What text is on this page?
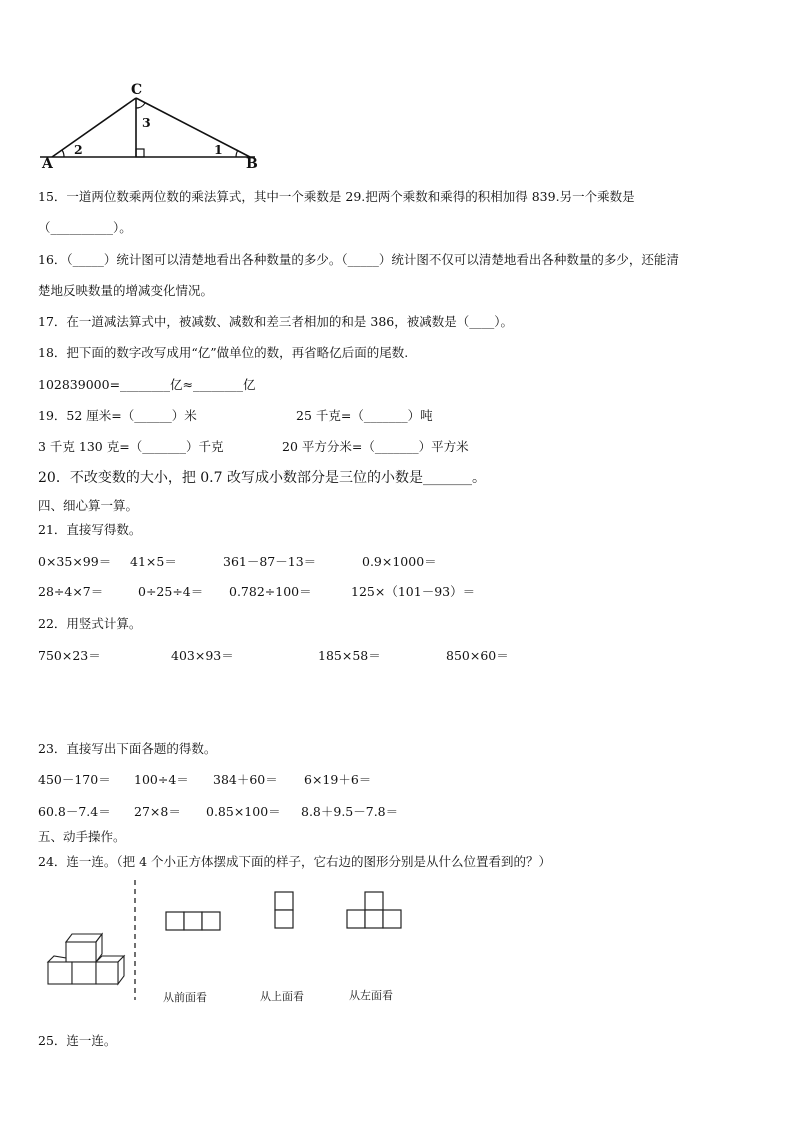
C
A	B
2	1
3
15．一道两位数乘两位数的乘法算式，其中一个乘数是 29.把两个乘数和乘得的积相加得 839.另一个乘数是
（__________）。
16．（_____）统计图可以清楚地看出各种数量的多少。（_____）统计图不仅可以清楚地看出各种数量的多少，还能清
楚地反映数量的增减变化情况。
17．在一道减法算式中，被减数、减数和差三者相加的和是 386，被减数是（____）。
18．把下面的数字改写成用“亿”做单位的数，再省略亿后面的尾数.
102839000=________亿≈________亿
19．52 厘米=（______）米	25 千克=（_______）吨
3 千克 130 克=（_______）千克	20 平方分米=（_______）平方米
20．不改变数的大小，把 0.7 改写成小数部分是三位的小数是_______。
四、细心算一算。
21．直接写得数。
0×35×99＝ 41×5＝	361－87－13＝	0.9×1000＝
28÷4×7＝	0÷25÷4＝ 0.782÷100＝	125×（101－93）＝
22．用竖式计算。
750×23＝	403×93＝	185×58＝	850×60＝
23．直接写出下面各题的得数。
450－170＝ 100÷4＝ 384＋60＝ 6×19＋6＝
60.8－7.4＝ 27×8＝ 0.85×100＝ 8.8＋9.5－7.8＝
五、动手操作。
24．连一连。（把 4 个小正方体摆成下面的样子，它右边的图形分别是从什么位置看到的？）
从前面看	从上面看	从左面看
25．连一连。
